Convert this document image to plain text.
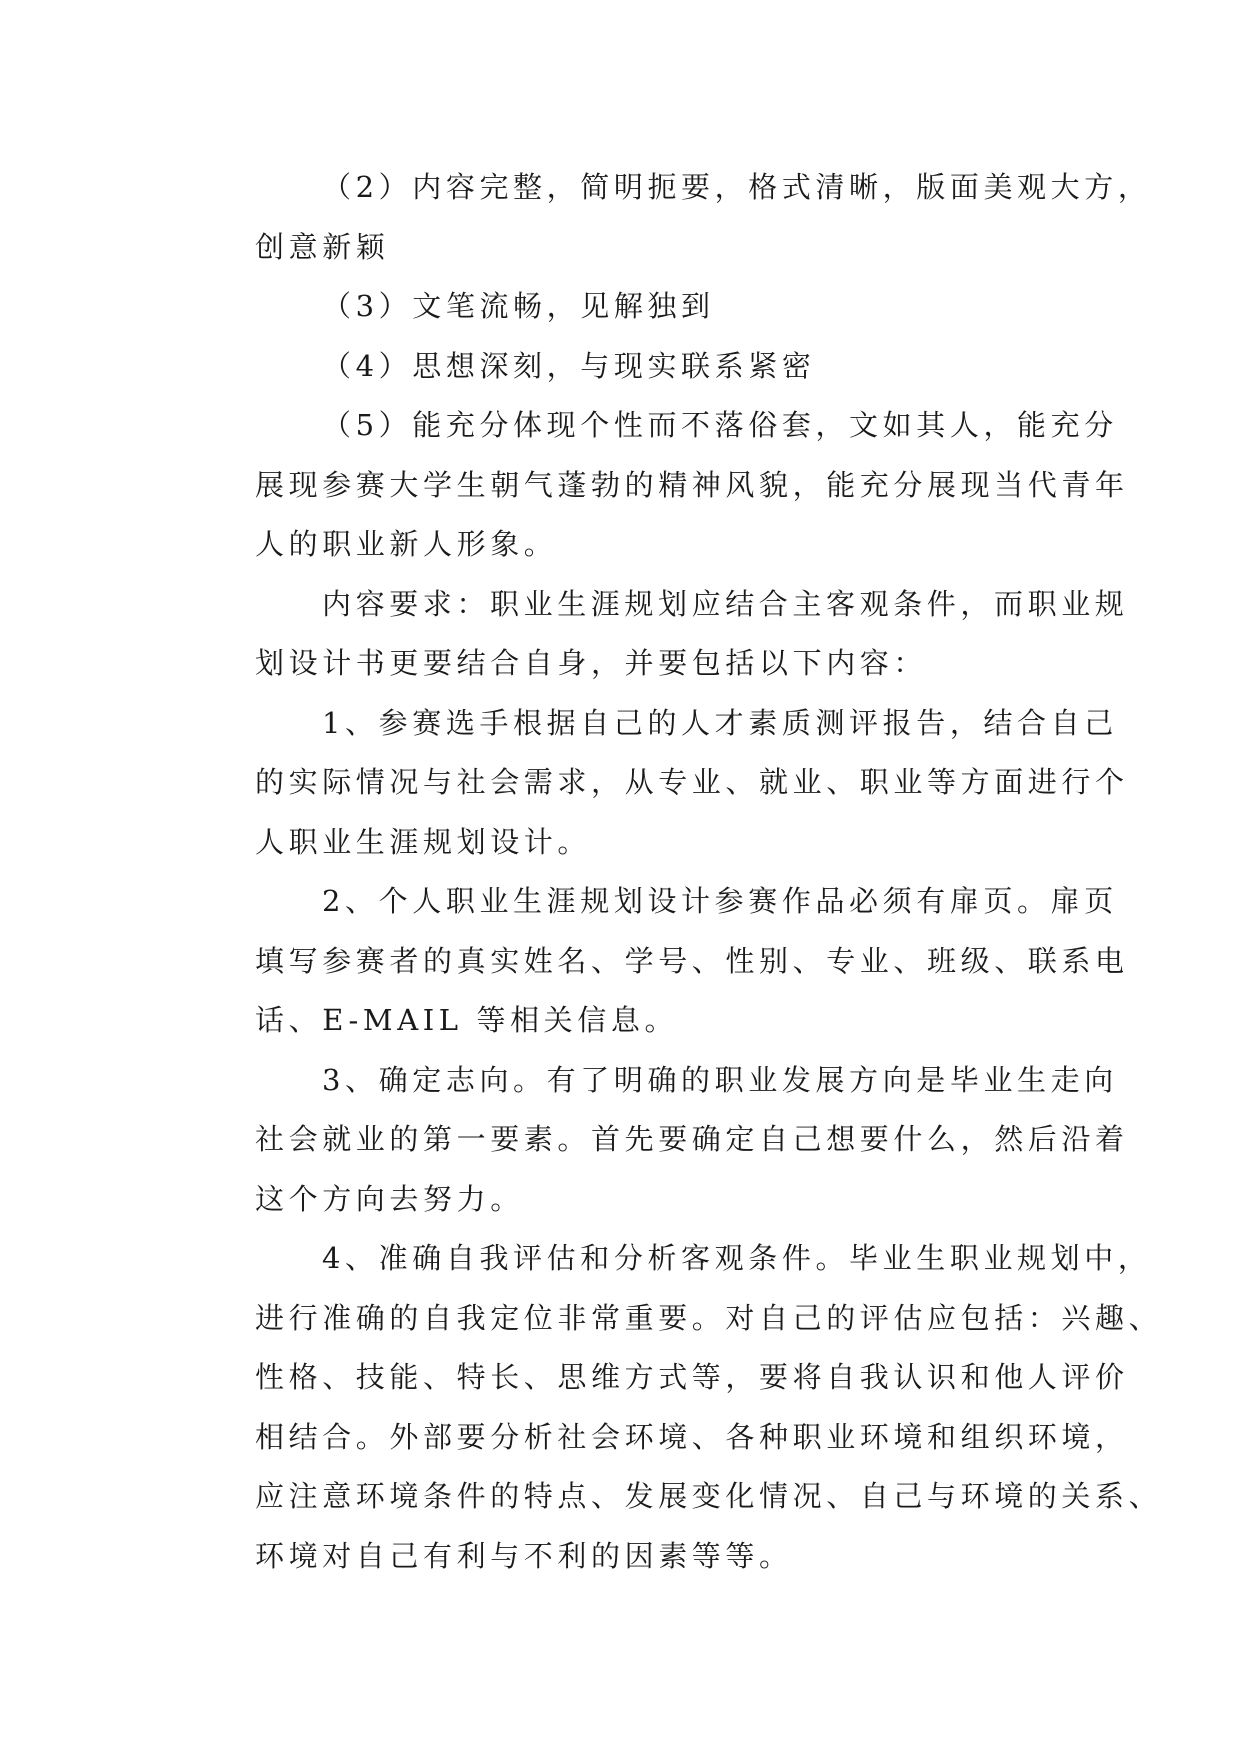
（2）内容完整，简明扼要，格式清晰，版面美观大方，
创意新颖
（3）文笔流畅，见解独到
（4）思想深刻，与现实联系紧密
（5）能充分体现个性而不落俗套，文如其人，能充分
展现参赛大学生朝气蓬勃的精神风貌，能充分展现当代青年
人的职业新人形象。
内容要求：职业生涯规划应结合主客观条件，而职业规
划设计书更要结合自身，并要包括以下内容：
1、参赛选手根据自己的人才素质测评报告，结合自己
的实际情况与社会需求，从专业、就业、职业等方面进行个
人职业生涯规划设计。
2、个人职业生涯规划设计参赛作品必须有扉页。扉页
填写参赛者的真实姓名、学号、性别、专业、班级、联系电
话、E-MAIL 等相关信息。
3、确定志向。有了明确的职业发展方向是毕业生走向
社会就业的第一要素。首先要确定自己想要什么，然后沿着
这个方向去努力。
4、准确自我评估和分析客观条件。毕业生职业规划中，
进行准确的自我定位非常重要。对自己的评估应包括：兴趣、
性格、技能、特长、思维方式等，要将自我认识和他人评价
相结合。外部要分析社会环境、各种职业环境和组织环境，
应注意环境条件的特点、发展变化情况、自己与环境的关系、
环境对自己有利与不利的因素等等。
